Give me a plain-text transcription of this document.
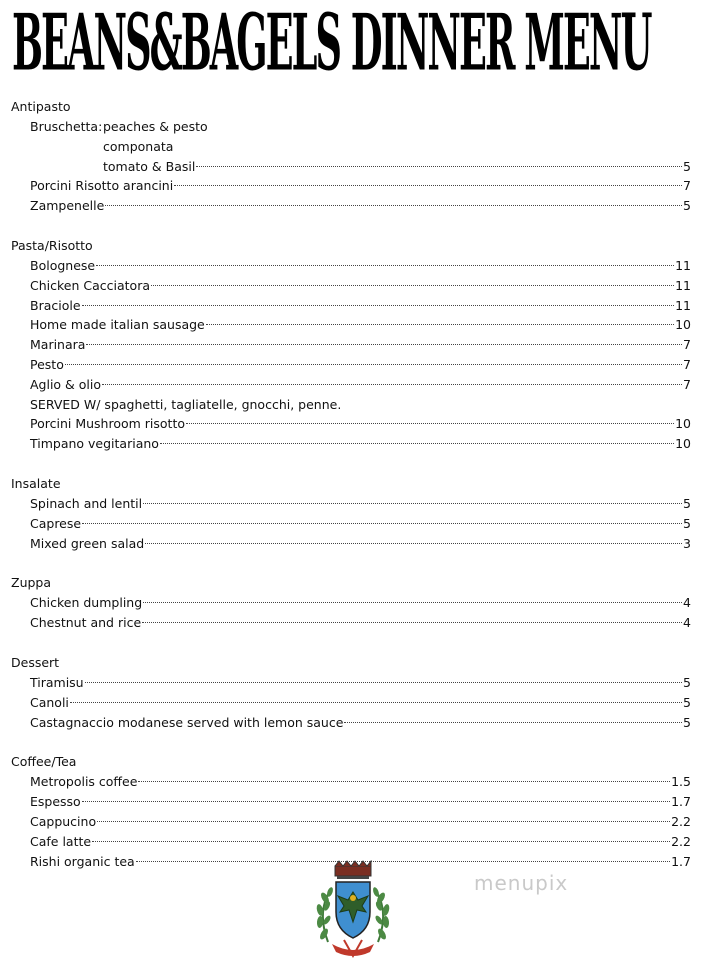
BEANS&BAGELS DINNER MENU
Antipasto
Bruschetta: peaches & pesto
componata
tomato & Basil	5
Porcini Risotto arancini	7
Zampenelle	5
Pasta/Risotto
Bolognese	11
Chicken Cacciatora	11
Braciole	11
Home made italian sausage	10
Marinara	7
Pesto	7
Aglio & olio	7
SERVED W/ spaghetti, tagliatelle, gnocchi, penne.
Porcini Mushroom risotto	10
Timpano vegitariano	10
Insalate
Spinach and lentil	5
Caprese	5
Mixed green salad	3
Zuppa
Chicken dumpling	4
Chestnut and rice	4
Dessert
Tiramisu	5
Canoli	5
Castagnaccio modanese served with lemon sauce	5
Coffee/Tea
Metropolis coffee	1.5
Espesso	1.7
Cappucino	2.2
Cafe latte	2.2
Rishi organic tea	1.7
menupix
